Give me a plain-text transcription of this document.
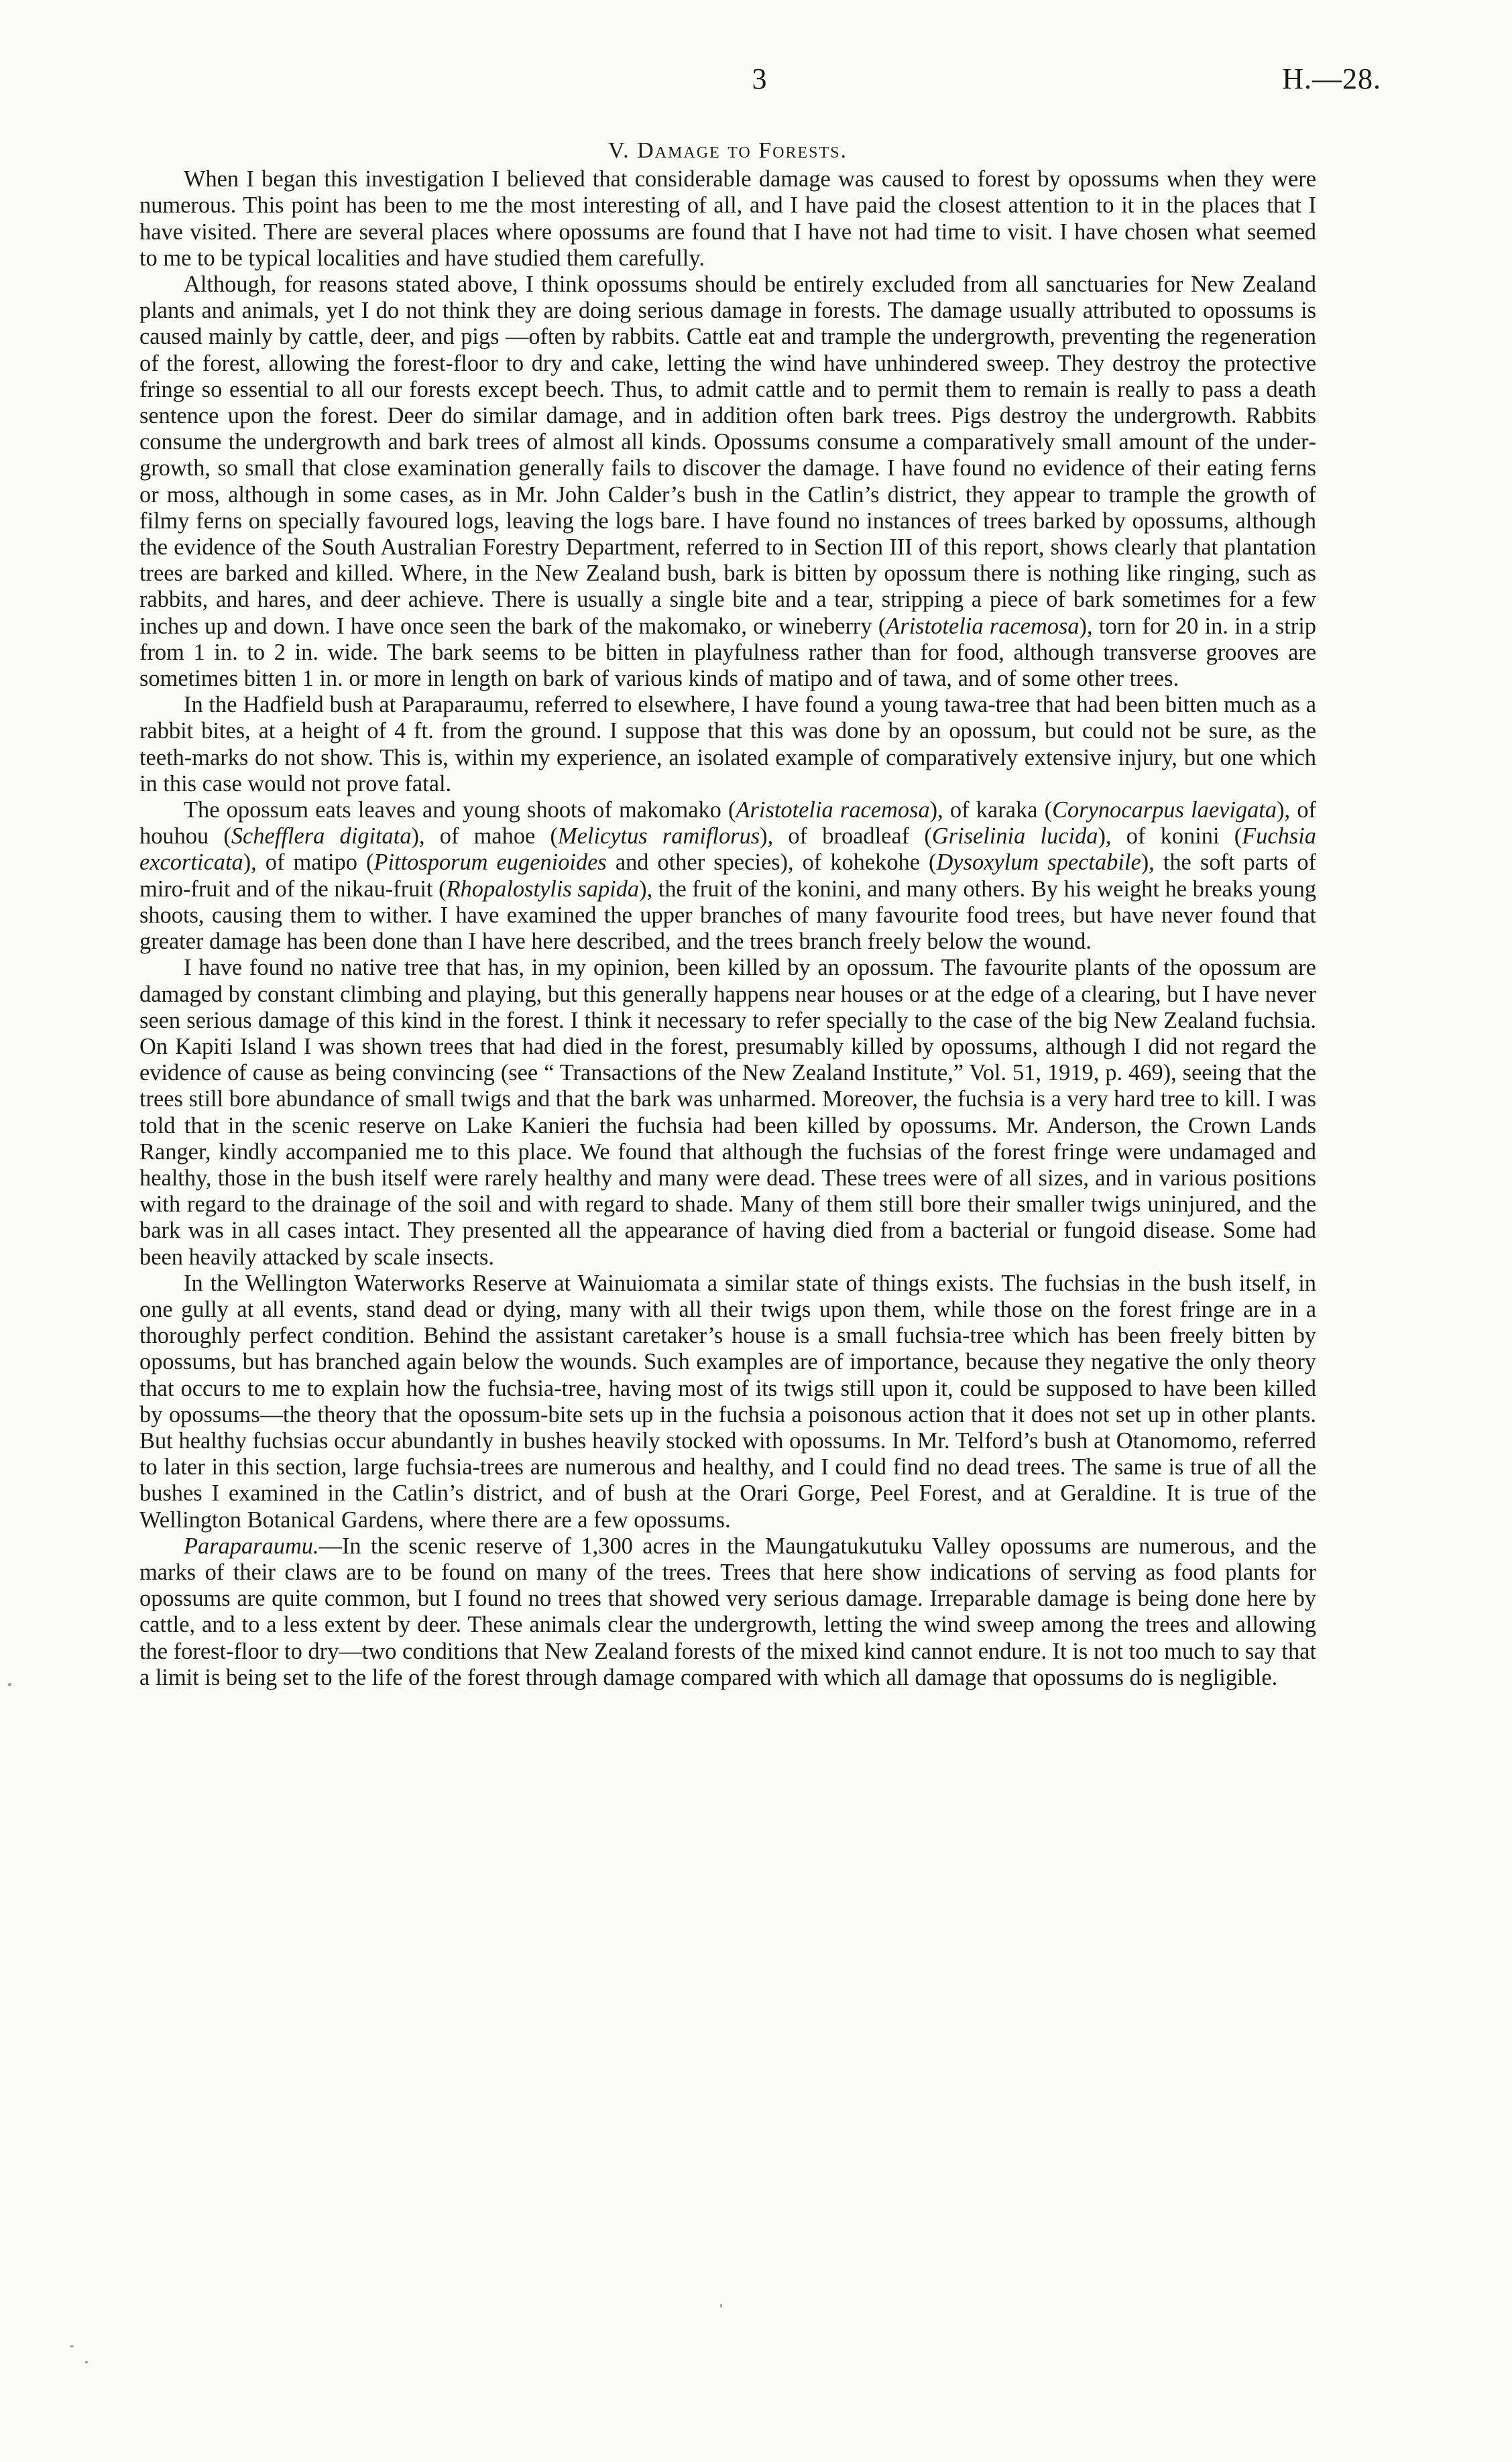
3	H.—28.
V. Damage to Forests.

When I began this investigation I believed that considerable damage was caused to forest by opossums when they were numerous. This point has been to me the most interesting of all, and I have paid the closest attention to it in the places that I have visited. There are several places where opossums are found that I have not had time to visit. I have chosen what seemed to me to be typical localities and have studied them carefully.

Although, for reasons stated above, I think opossums should be entirely excluded from all sanctuaries for New Zealand plants and animals, yet I do not think they are doing serious damage in forests. The damage usually attributed to opossums is caused mainly by cattle, deer, and pigs —often by rabbits. Cattle eat and trample the undergrowth, preventing the regeneration of the forest, allowing the forest-floor to dry and cake, letting the wind have unhindered sweep. They destroy the protective fringe so essential to all our forests except beech. Thus, to admit cattle and to permit them to remain is really to pass a death sentence upon the forest. Deer do similar damage, and in addition often bark trees. Pigs destroy the undergrowth. Rabbits consume the undergrowth and bark trees of almost all kinds. Opossums consume a comparatively small amount of the undergrowth, so small that close examination generally fails to discover the damage. I have found no evidence of their eating ferns or moss, although in some cases, as in Mr. John Calder’s bush in the Catlin’s district, they appear to trample the growth of filmy ferns on specially favoured logs, leaving the logs bare. I have found no instances of trees barked by opossums, although the evidence of the South Australian Forestry Department, referred to in Section III of this report, shows clearly that plantation trees are barked and killed. Where, in the New Zealand bush, bark is bitten by opossum there is nothing like ringing, such as rabbits, and hares, and deer achieve. There is usually a single bite and a tear, stripping a piece of bark sometimes for a few inches up and down. I have once seen the bark of the makomako, or wineberry (Aristotelia racemosa), torn for 20 in. in a strip from 1 in. to 2 in. wide. The bark seems to be bitten in playfulness rather than for food, although transverse grooves are sometimes bitten 1 in. or more in length on bark of various kinds of matipo and of tawa, and of some other trees.

In the Hadfield bush at Paraparaumu, referred to elsewhere, I have found a young tawa-tree that had been bitten much as a rabbit bites, at a height of 4 ft. from the ground. I suppose that this was done by an opossum, but could not be sure, as the teeth-marks do not show. This is, within my experience, an isolated example of comparatively extensive injury, but one which in this case would not prove fatal.

The opossum eats leaves and young shoots of makomako (Aristotelia racemosa), of karaka (Corynocarpus laevigata), of houhou (Schefflera digitata), of mahoe (Melicytus ramiflorus), of broadleaf (Griselinia lucida), of konini (Fuchsia excorticata), of matipo (Pittosporum eugenioides and other species), of kohekohe (Dysoxylum spectabile), the soft parts of miro-fruit and of the nikau-fruit (Rhopalostylis sapida), the fruit of the konini, and many others. By his weight he breaks young shoots, causing them to wither. I have examined the upper branches of many favourite food trees, but have never found that greater damage has been done than I have here described, and the trees branch freely below the wound.

I have found no native tree that has, in my opinion, been killed by an opossum. The favourite plants of the opossum are damaged by constant climbing and playing, but this generally happens near houses or at the edge of a clearing, but I have never seen serious damage of this kind in the forest. I think it necessary to refer specially to the case of the big New Zealand fuchsia. On Kapiti Island I was shown trees that had died in the forest, presumably killed by opossums, although I did not regard the evidence of cause as being convincing (see “ Transactions of the New Zealand Institute,” Vol. 51, 1919, p. 469), seeing that the trees still bore abundance of small twigs and that the bark was unharmed. Moreover, the fuchsia is a very hard tree to kill. I was told that in the scenic reserve on Lake Kanieri the fuchsia had been killed by opossums. Mr. Anderson, the Crown Lands Ranger, kindly accompanied me to this place. We found that although the fuchsias of the forest fringe were undamaged and healthy, those in the bush itself were rarely healthy and many were dead. These trees were of all sizes, and in various positions with regard to the drainage of the soil and with regard to shade. Many of them still bore their smaller twigs uninjured, and the bark was in all cases intact. They presented all the appearance of having died from a bacterial or fungoid disease. Some had been heavily attacked by scale insects.

In the Wellington Waterworks Reserve at Wainuiomata a similar state of things exists. The fuchsias in the bush itself, in one gully at all events, stand dead or dying, many with all their twigs upon them, while those on the forest fringe are in a thoroughly perfect condition. Behind the assistant caretaker’s house is a small fuchsia-tree which has been freely bitten by opossums, but has branched again below the wounds. Such examples are of importance, because they negative the only theory that occurs to me to explain how the fuchsia-tree, having most of its twigs still upon it, could be supposed to have been killed by opossums—the theory that the opossum-bite sets up in the fuchsia a poisonous action that it does not set up in other plants. But healthy fuchsias occur abundantly in bushes heavily stocked with opossums. In Mr. Telford’s bush at Otanomomo, referred to later in this section, large fuchsia-trees are numerous and healthy, and I could find no dead trees. The same is true of all the bushes I examined in the Catlin’s district, and of bush at the Orari Gorge, Peel Forest, and at Geraldine. It is true of the Wellington Botanical Gardens, where there are a few opossums.

Paraparaumu.—In the scenic reserve of 1,300 acres in the Maungatukutuku Valley opossums are numerous, and the marks of their claws are to be found on many of the trees. Trees that here show indications of serving as food plants for opossums are quite common, but I found no trees that showed very serious damage. Irreparable damage is being done here by cattle, and to a less extent by deer. These animals clear the undergrowth, letting the wind sweep among the trees and allowing the forest-floor to dry—two conditions that New Zealand forests of the mixed kind cannot endure. It is not too much to say that a limit is being set to the life of the forest through damage compared with which all damage that opossums do is negligible.
